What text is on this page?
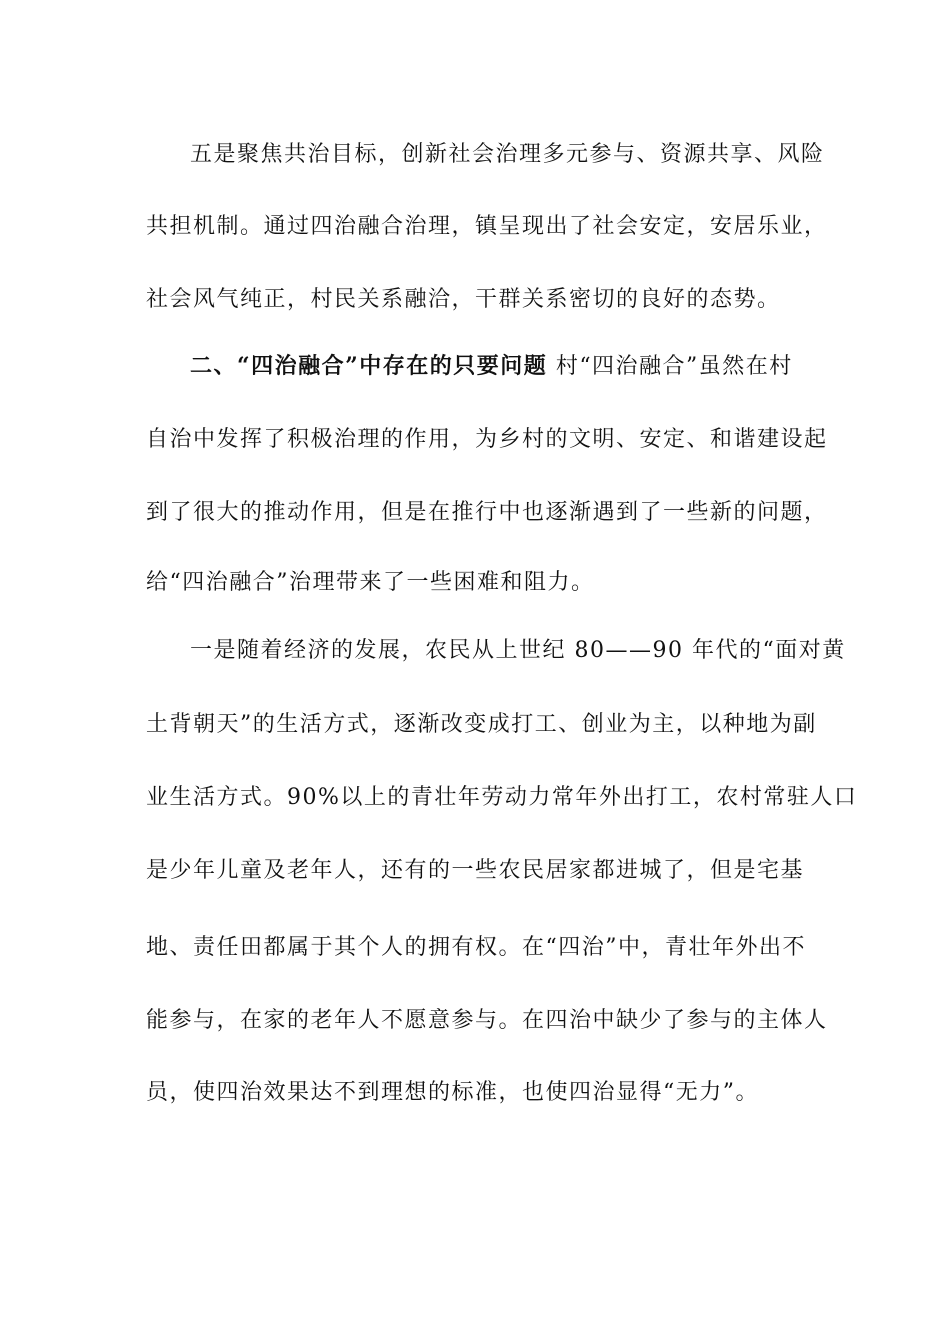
五是聚焦共治目标，创新社会治理多元参与、资源共享、风险
共担机制。通过四治融合治理，镇呈现出了社会安定，安居乐业，
社会风气纯正，村民关系融洽，干群关系密切的良好的态势。
二、“四治融合”中存在的只要问题 村“四治融合”虽然在村
自治中发挥了积极治理的作用，为乡村的文明、安定、和谐建设起
到了很大的推动作用，但是在推行中也逐渐遇到了一些新的问题，
给“四治融合”治理带来了一些困难和阻力。
一是随着经济的发展，农民从上世纪 80——90 年代的“面对黄
土背朝天”的生活方式，逐渐改变成打工、创业为主，以种地为副
业生活方式。90%以上的青壮年劳动力常年外出打工，农村常驻人口
是少年儿童及老年人，还有的一些农民居家都进城了，但是宅基
地、责任田都属于其个人的拥有权。在“四治”中，青壮年外出不
能参与，在家的老年人不愿意参与。在四治中缺少了参与的主体人
员，使四治效果达不到理想的标准，也使四治显得“无力”。
